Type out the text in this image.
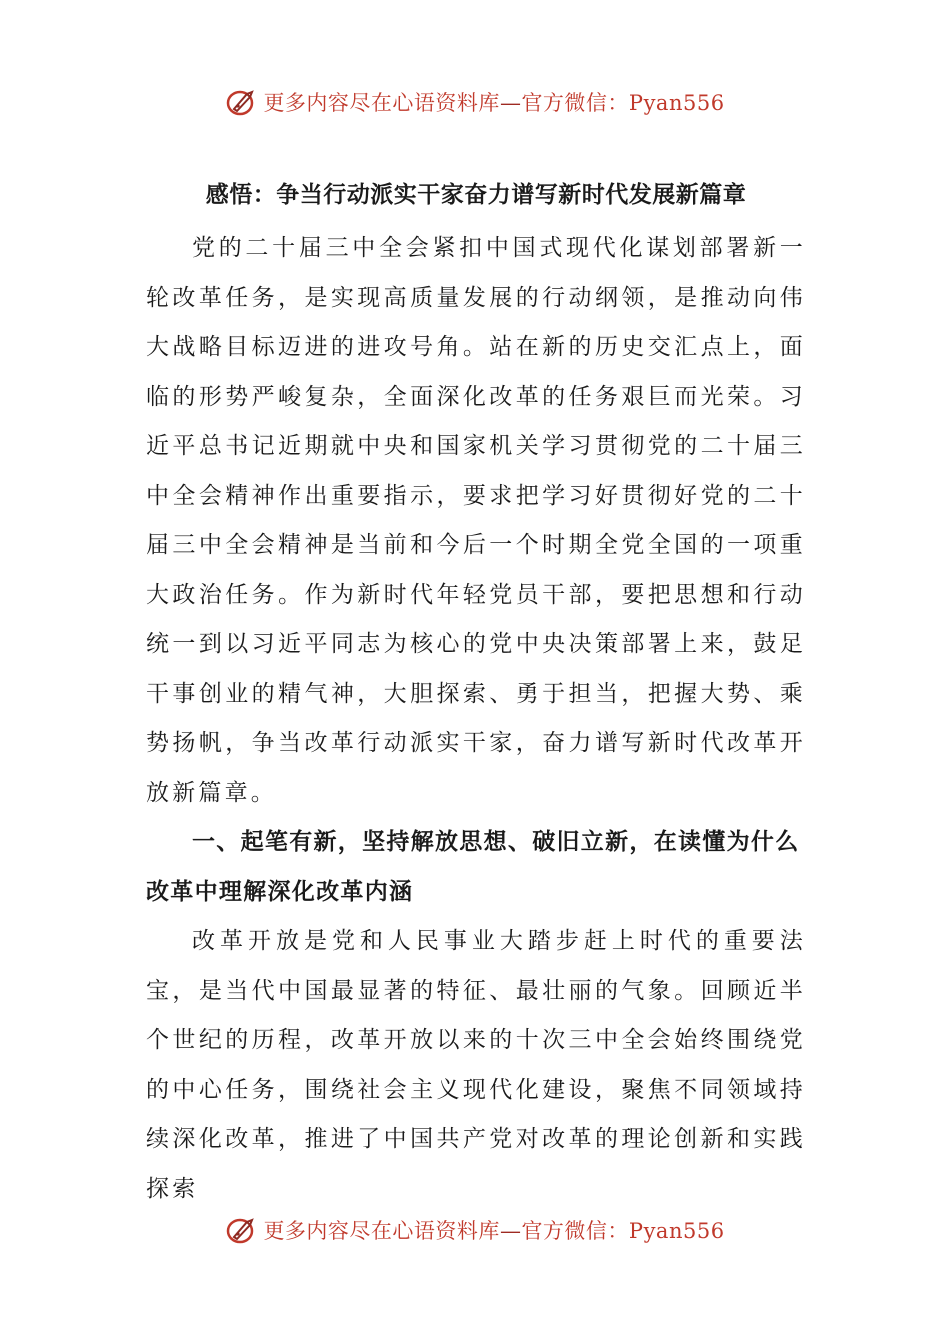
更多内容尽在心语资料库—官方微信：Pyan556
感悟：争当行动派实干家奋力谱写新时代发展新篇章

党的二十届三中全会紧扣中国式现代化谋划部署新一轮改革任务，是实现高质量发展的行动纲领，是推动向伟大战略目标迈进的进攻号角。站在新的历史交汇点上，面临的形势严峻复杂，全面深化改革的任务艰巨而光荣。习近平总书记近期就中央和国家机关学习贯彻党的二十届三中全会精神作出重要指示，要求把学习好贯彻好党的二十届三中全会精神是当前和今后一个时期全党全国的一项重大政治任务。作为新时代年轻党员干部，要把思想和行动统一到以习近平同志为核心的党中央决策部署上来，鼓足干事创业的精气神，大胆探索、勇于担当，把握大势、乘势扬帆，争当改革行动派实干家，奋力谱写新时代改革开放新篇章。

一、起笔有新，坚持解放思想、破旧立新，在读懂为什么改革中理解深化改革内涵

改革开放是党和人民事业大踏步赶上时代的重要法宝，是当代中国最显著的特征、最壮丽的气象。回顾近半个世纪的历程，改革开放以来的十次三中全会始终围绕党的中心任务，围绕社会主义现代化建设，聚焦不同领域持续深化改革，推进了中国共产党对改革的理论创新和实践探索

更多内容尽在心语资料库—官方微信：Pyan556
